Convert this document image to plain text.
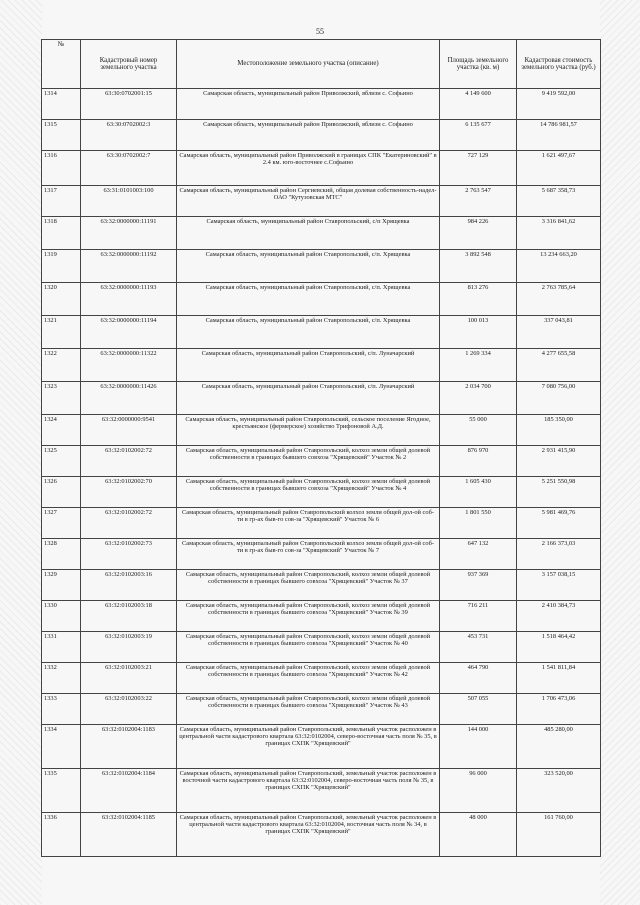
55
№	Кадастровый номер земельного участка	Местоположение земельного участка (описание)	Площадь земельного участка (кв. м)	Кадастровая стоимость земельного участка (руб.)
1314	63:30:0702001:15	Самарская область, муниципальный район Приволжский, вблизи с. Софьино	4 149 600	9 419 592,00
1315	63:30:0702002:3	Самарская область, муниципальный район Приволжский, вблизи с. Софьино	6 135 677	14 786 981,57
1316	63:30:0702002:7	Самарская область, муниципальный район Приволжский в границах СПК "Екатериновский" в 2.4 км. юго-восточнее с.Софьино	727 129	1 621 497,67
1317	63:31:0101003:100	Самарская область, муниципальный район Сергиевский, общая долевая собственность-надел-ОАО "Кутузовская МТС"	2 763 547	5 687 358,73
1318	63:32:0000000:11191	Самарская область, муниципальный район Ставропольский, с/п Хрящевка	984 226	3 316 841,62
1319	63:32:0000000:11192	Самарская область, муниципальный район Ставропольский, с/п. Хрящевка	3 892 548	13 234 663,20
1320	63:32:0000000:11193	Самарская область, муниципальный район Ставропольский, с/п. Хрящевка	813 276	2 763 785,64
1321	63:32:0000000:11194	Самарская область, муниципальный район Ставропольский, с/п. Хрящевка	100 013	337 043,81
1322	63:32:0000000:11322	Самарская область, муниципальный район Ставропольский, с/п. Луначарский	1 269 334	4 277 655,58
1323	63:32:0000000:11426	Самарская область, муниципальный район Ставропольский, с/п. Луначарский	2 034 700	7 080 756,00
1324	63:32:0000000:9541	Самарская область, муниципальный район Ставропольский, сельское поселение Ягодное, крестьянское (фермерское) хозяйство Трифоновой А.Д.	55 000	185 350,00
1325	63:32:0102002:72	Самарская область, муниципальный район Ставропольский, колхоз земли общей долевой собственности в границах бывшего совхоза "Хрящевский" Участок № 2	876 970	2 931 415,90
1326	63:32:0102002:70	Самарская область, муниципальный район Ставропольский, колхоз земли общей долевой собственности в границах бывшего совхоза "Хрящевский" Участок № 4	1 605 430	5 251 550,98
1327	63:32:0102002:72	Самарская область, муниципальный район Ставропольский колхоз земли общей дол-ой соб-ти в гр-ах быв-го сов-за "Хрящевский" Участок № 6	1 801 550	5 981 469,76
1328	63:32:0102002:73	Самарская область, муниципальный район Ставропольский колхоз земли общей дол-ой соб-ти в гр-ах быв-го сов-за "Хрящевский" Участок № 7	647 132	2 166 373,03
1329	63:32:0102003:16	Самарская область, муниципальный район Ставропольский, колхоз земли общей долевой собственности в границах бывшего совхоза "Хрящевский" Участок № 37	937 369	3 157 038,15
1330	63:32:0102003:18	Самарская область, муниципальный район Ставропольский, колхоз земли общей долевой собственности в границах бывшего совхоза "Хрящевский" Участок № 39	716 211	2 410 384,73
1331	63:32:0102003:19	Самарская область, муниципальный район Ставропольский, колхоз земли общей долевой собственности в границах бывшего совхоза "Хрящевский" Участок № 40	453 731	1 518 464,42
1332	63:32:0102003:21	Самарская область, муниципальный район Ставропольский, колхоз земли общей долевой собственности в границах бывшего совхоза "Хрящевский" Участок № 42	464 790	1 541 811,84
1333	63:32:0102003:22	Самарская область, муниципальный район Ставропольский, колхоз земли общей долевой собственности в границах бывшего совхоза "Хрящевский" Участок № 43	507 055	1 706 473,06
1334	63:32:0102004:1183	Самарская область, муниципальный район Ставропольский, земельный участок расположен в центральной части кадастрового квартала 63:32:0102004, северо-восточная часть поля № 35, в границах СХПК "Хрящевский"	144 000	485 280,00
1335	63:32:0102004:1184	Самарская область, муниципальный район Ставропольский, земельный участок расположен в восточной части кадастрового квартала 63:32:0102004, северо-восточная часть поля № 35, в границах СХПК "Хрящевский"	96 000	323 520,00
1336	63:32:0102004:1185	Самарская область, муниципальный район Ставропольский, земельный участок расположен в центральной части кадастрового квартала 63:32:0102004, восточная часть поля № 34, в границах СХПК "Хрящевский"	48 000	161 760,00
